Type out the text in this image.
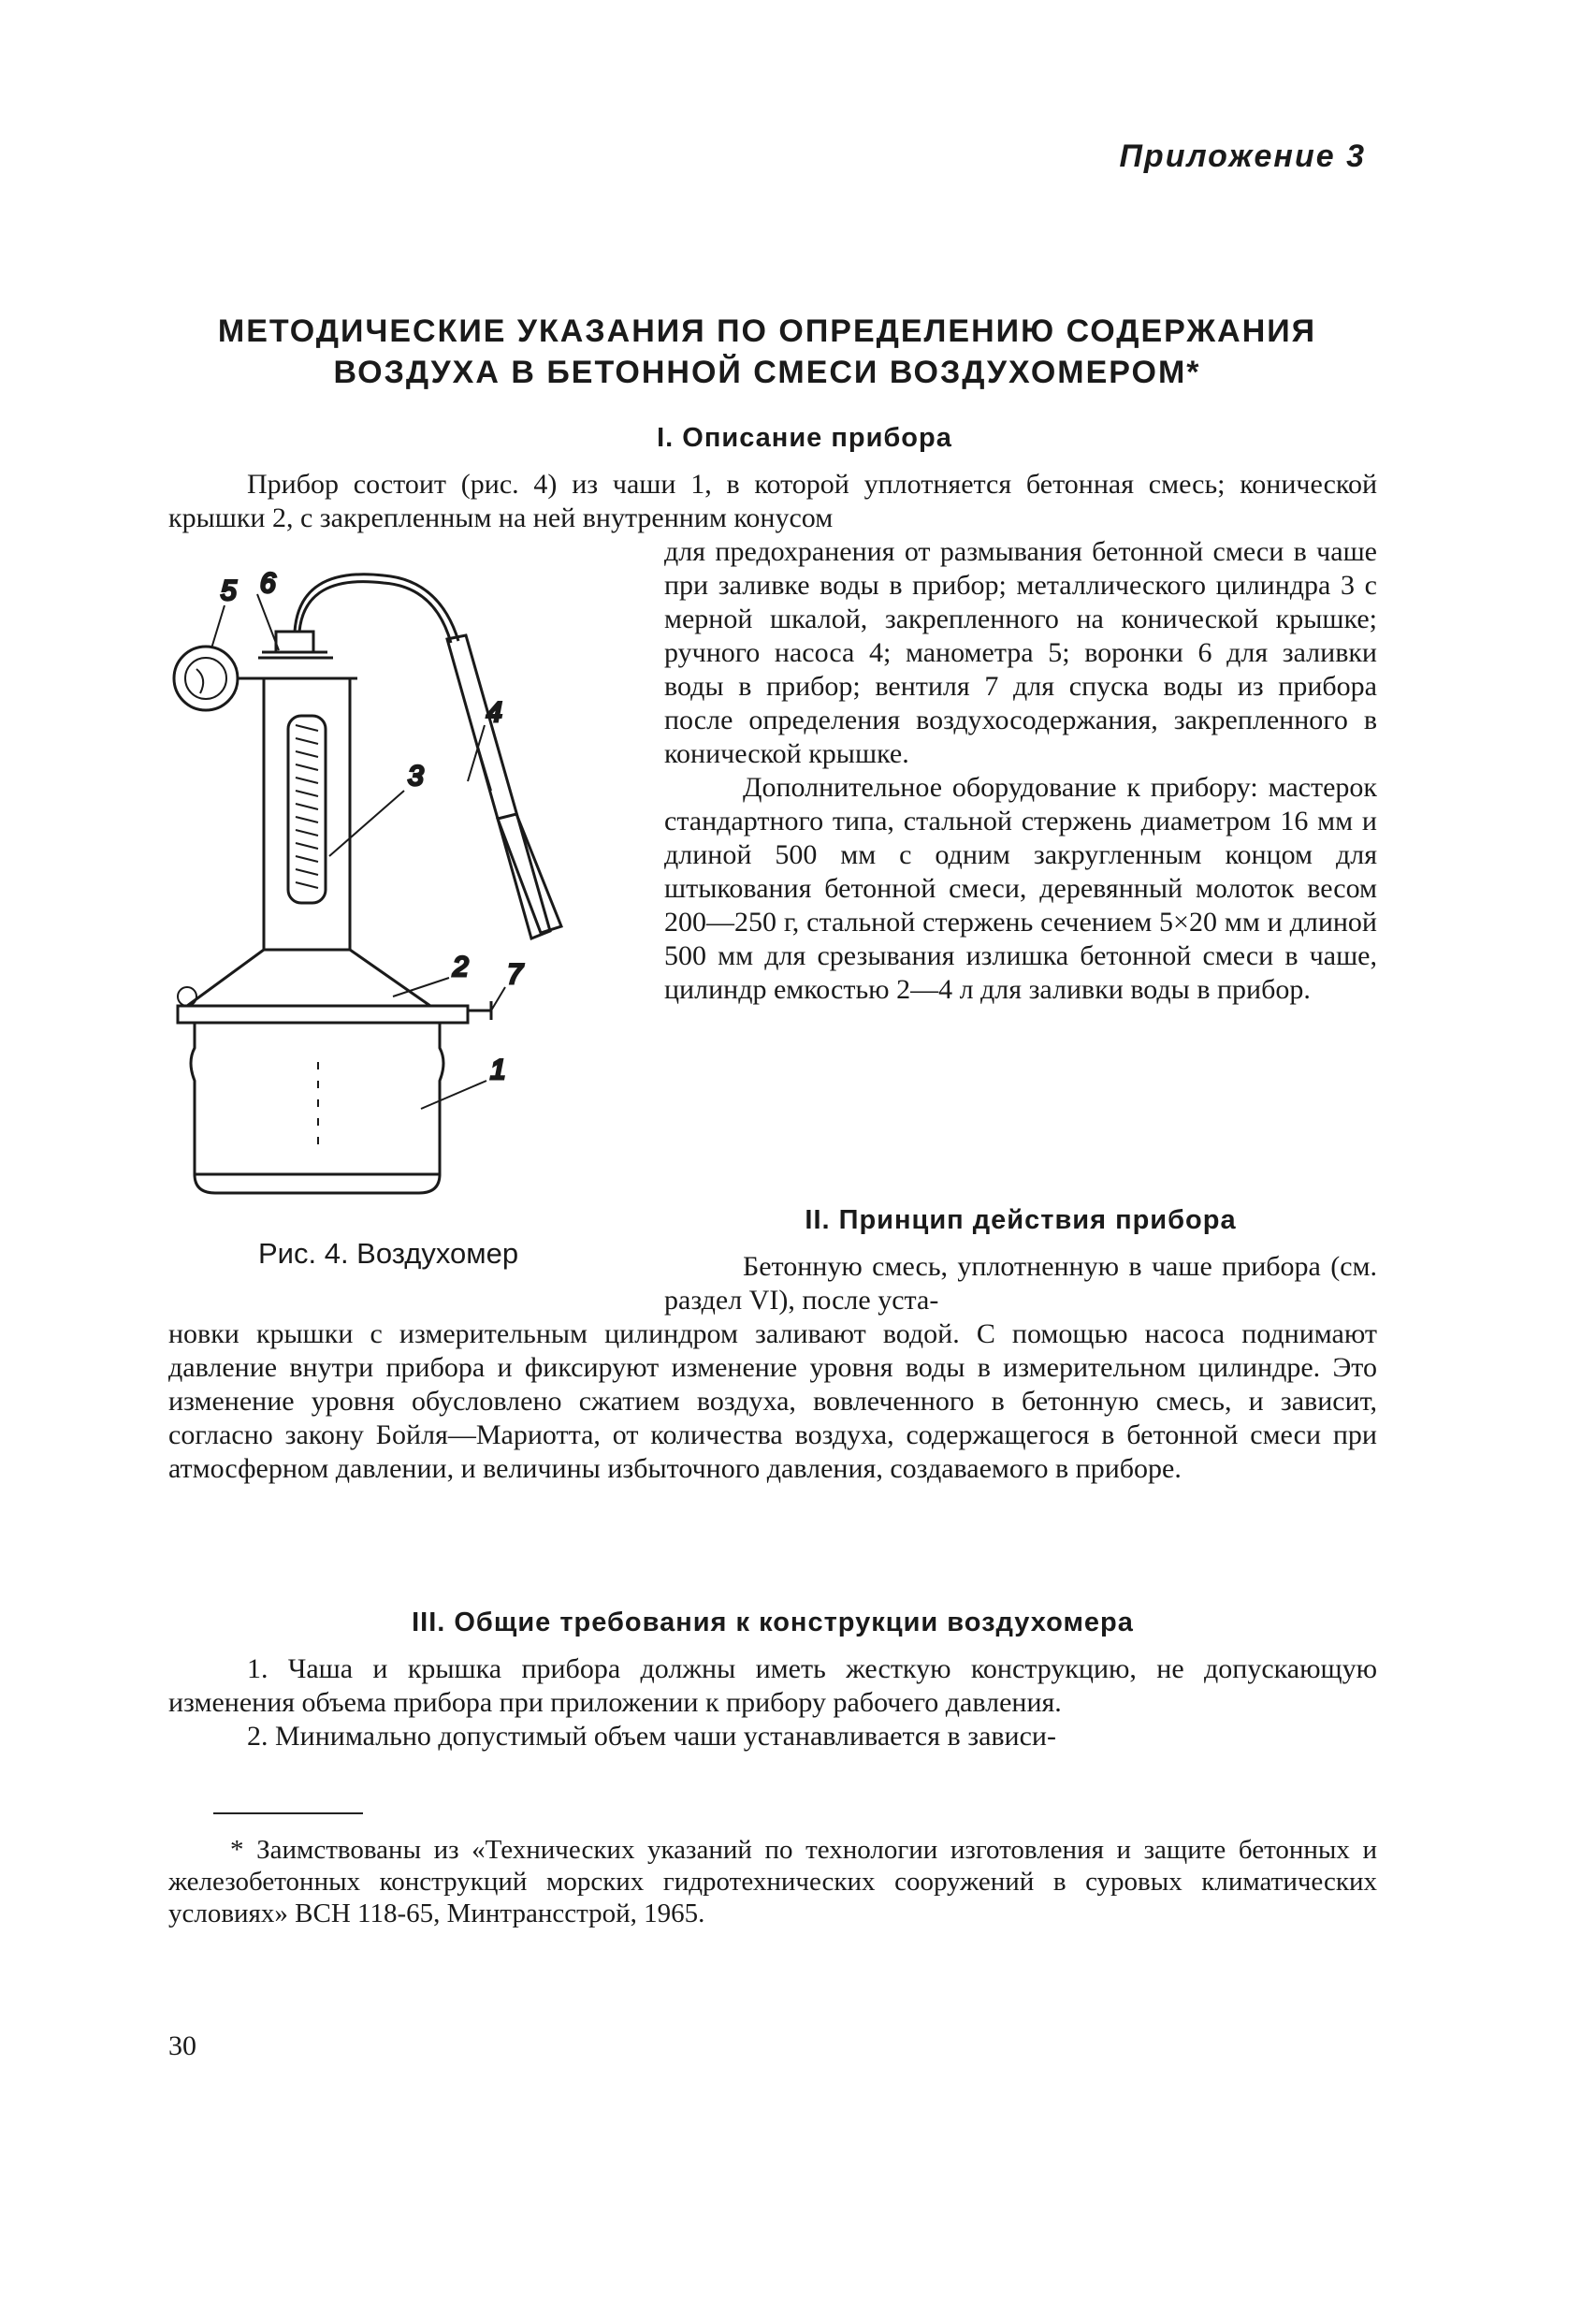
Приложение 3
МЕТОДИЧЕСКИЕ УКАЗАНИЯ ПО ОПРЕДЕЛЕНИЮ СОДЕРЖАНИЯ
ВОЗДУХА В БЕТОННОЙ СМЕСИ ВОЗДУХОМЕРОМ*
I. Описание прибора

Прибор состоит (рис. 4) из чаши 1, в которой уплотняется бетонная смесь; конической крышки 2, с закрепленным на ней внутренним конусом

для предохранения от размывания бетонной смеси в чаше при заливке воды в прибор; металлического цилиндра 3 с мерной шкалой, закрепленного на конической крышке; ручного насоса 4; манометра 5; воронки 6 для заливки воды в прибор; вентиля 7 для спуска воды из прибора после определения воздухосодержания, закрепленного в конической крышке.

Дополнительное оборудование к прибору: мастерок стандартного типа, стальной стержень диаметром 16 мм и длиной 500 мм с одним закругленным концом для штыкования бетонной смеси, деревянный молоток весом 200—250 г, стальной стержень сечением 5×20 мм и длиной 500 мм для срезывания излишка бетонной смеси в чаше, цилиндр емкостью 2—4 л для заливки воды в прибор.

5 6
4
3
2 7
1
Рис. 4. Воздухомер
II. Принцип действия прибора

Бетонную смесь, уплотненную в чаше прибора (см. раздел VI), после уста-

новки крышки с измерительным цилиндром заливают водой. С помощью насоса поднимают давление внутри прибора и фиксируют изменение уровня воды в измерительном цилиндре. Это изменение уровня обусловлено сжатием воздуха, вовлеченного в бетонную смесь, и зависит, согласно закону Бойля—Мариотта, от количества воздуха, содержащегося в бетонной смеси при атмосферном давлении, и величины избыточного давления, создаваемого в приборе.

III. Общие требования к конструкции воздухомера

1. Чаша и крышка прибора должны иметь жесткую конструкцию, не допускающую изменения объема прибора при приложении к прибору рабочего давления.

2. Минимально допустимый объем чаши устанавливается в зависи-

* Заимствованы из «Технических указаний по технологии изготовления и защите бетонных и железобетонных конструкций морских гидротехнических сооружений в суровых климатических условиях» ВСН 118-65, Минтрансстрой, 1965.

30
